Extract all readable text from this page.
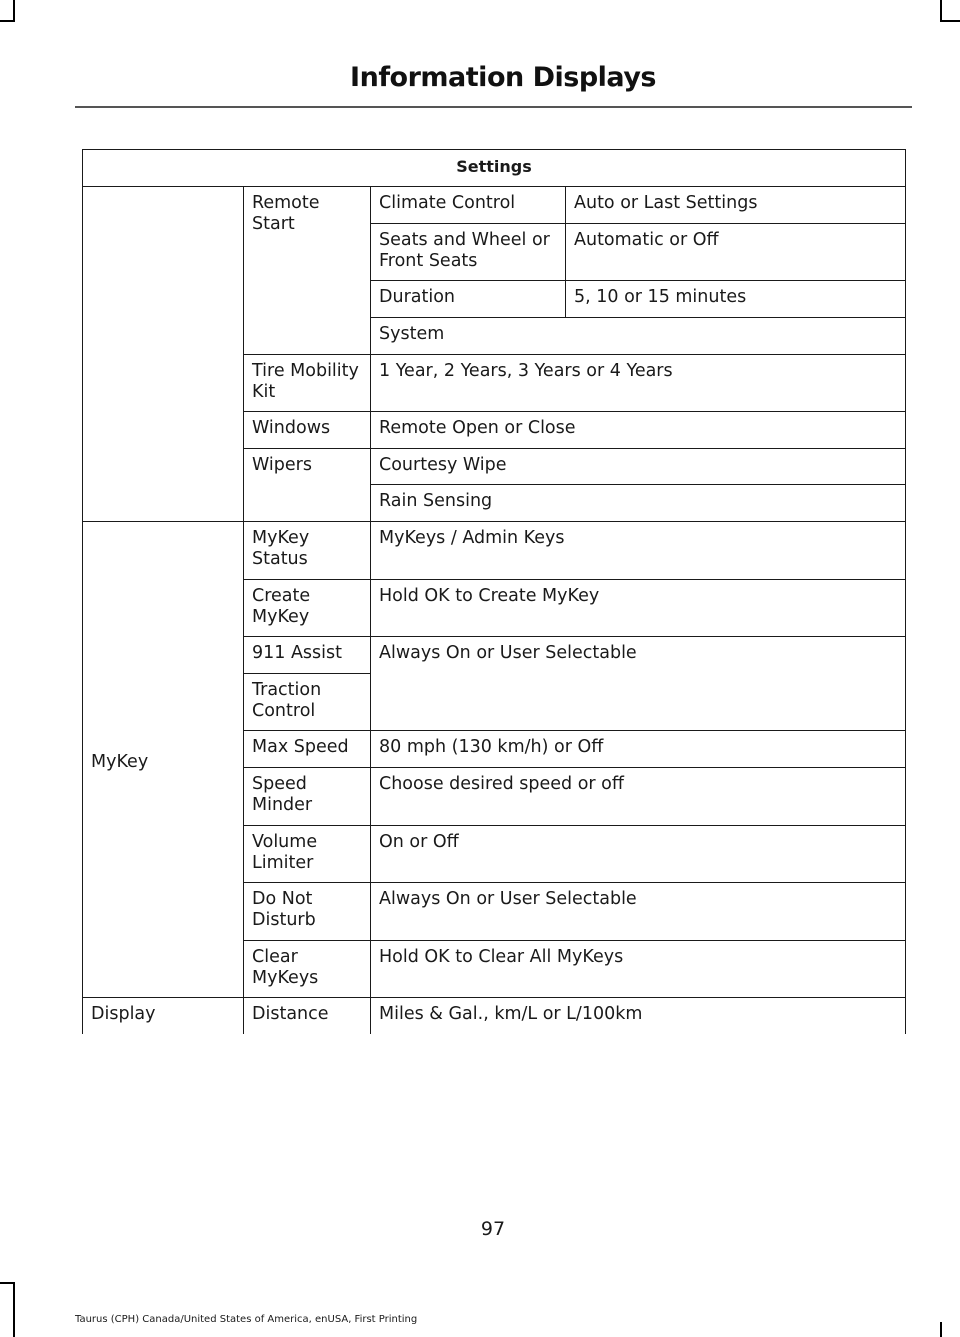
Information Displays
Settings			
	Remote Start	Climate Control	Auto or Last Settings
		Seats and Wheel or Front Seats	Automatic or Off
		Duration	5, 10 or 15 minutes
		System	
	Tire Mobility Kit	1 Year, 2 Years, 3 Years or 4 Years	
	Windows	Remote Open or Close	
	Wipers	Courtesy Wipe	
		Rain Sensing	
MyKey	MyKey Status	MyKeys / Admin Keys	
	Create MyKey	Hold OK to Create MyKey	
	911 Assist	Always On or User Selectable	
	Traction Control		
	Max Speed	80 mph (130 km/h) or Off	
	Speed Minder	Choose desired speed or off	
	Volume Limiter	On or Off	
	Do Not Disturb	Always On or User Selectable	
	Clear MyKeys	Hold OK to Clear All MyKeys	
Display	Distance	Miles & Gal., km/L or L/100km	
97
Taurus (CPH) Canada/United States of America, enUSA, First Printing
